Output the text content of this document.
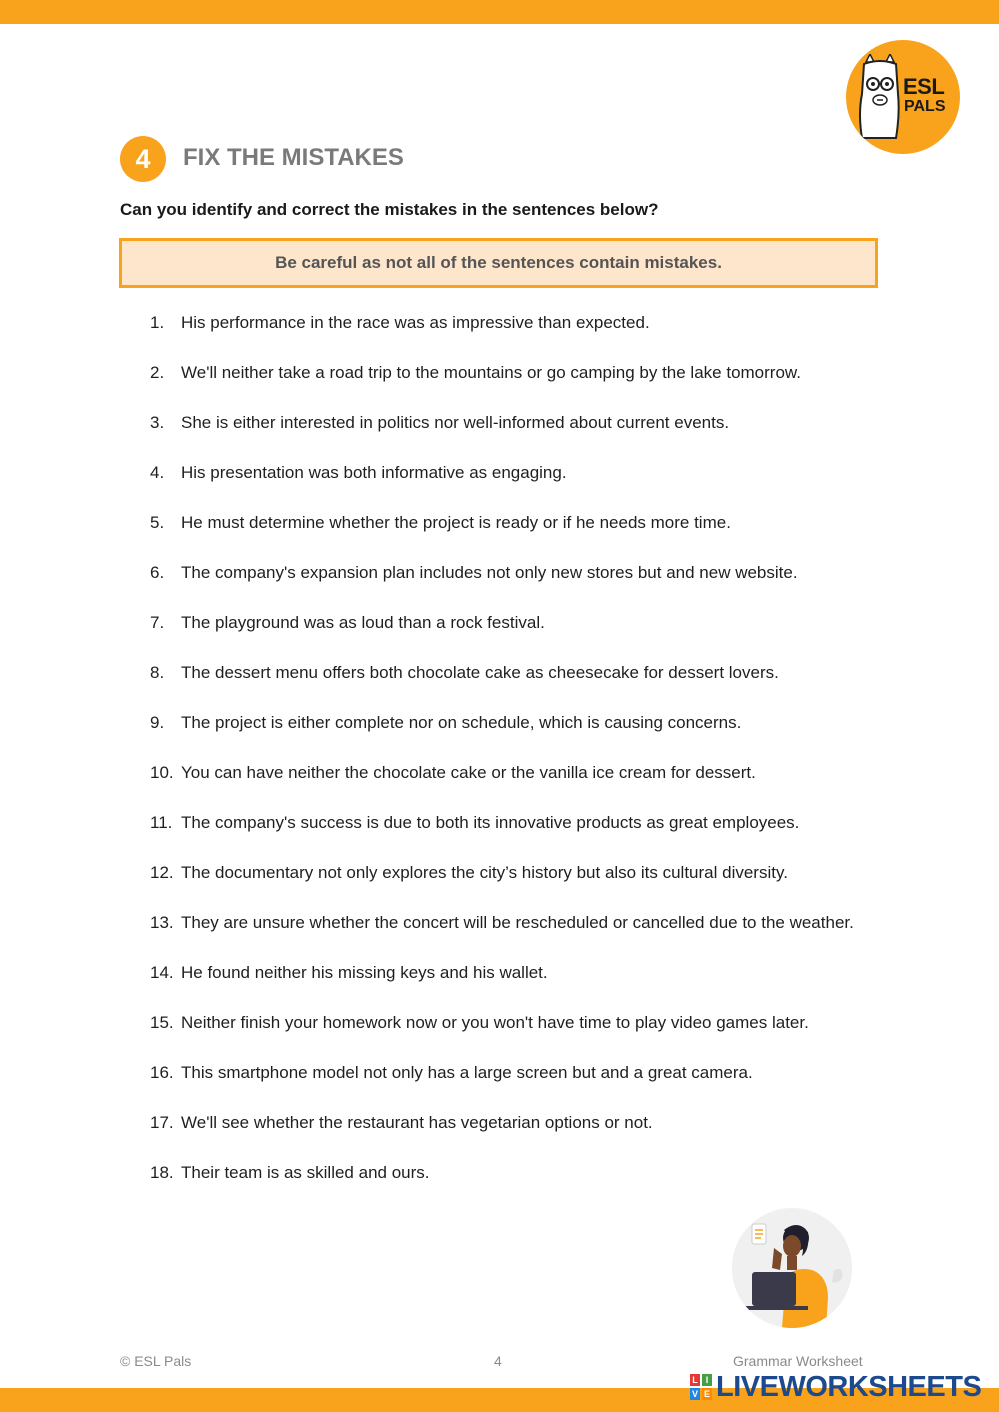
ESL
PALS
4	FIX THE MISTAKES
Can you identify and correct the mistakes in the sentences below?
Be careful as not all of the sentences contain mistakes.
1. His performance in the race was as impressive than expected.
2. We'll neither take a road trip to the mountains or go camping by the lake tomorrow.
3. She is either interested in politics nor well-informed about current events.
4. His presentation was both informative as engaging.
5. He must determine whether the project is ready or if he needs more time.
6. The company's expansion plan includes not only new stores but and new website.
7. The playground was as loud than a rock festival.
8. The dessert menu offers both chocolate cake as cheesecake for dessert lovers.
9. The project is either complete nor on schedule, which is causing concerns.
10. You can have neither the chocolate cake or the vanilla ice cream for dessert.
11. The company's success is due to both its innovative products as great employees.
12. The documentary not only explores the city’s history but also its cultural diversity.
13. They are unsure whether the concert will be rescheduled or cancelled due to the weather.
14. He found neither his missing keys and his wallet.
15. Neither finish your homework now or you won't have time to play video games later.
16. This smartphone model not only has a large screen but and a great camera.
17. We'll see whether the restaurant has vegetarian options or not.
18. Their team is as skilled and ours.
© ESL Pals	4	Grammar Worksheet
L I
V E LIVEWORKSHEETS
